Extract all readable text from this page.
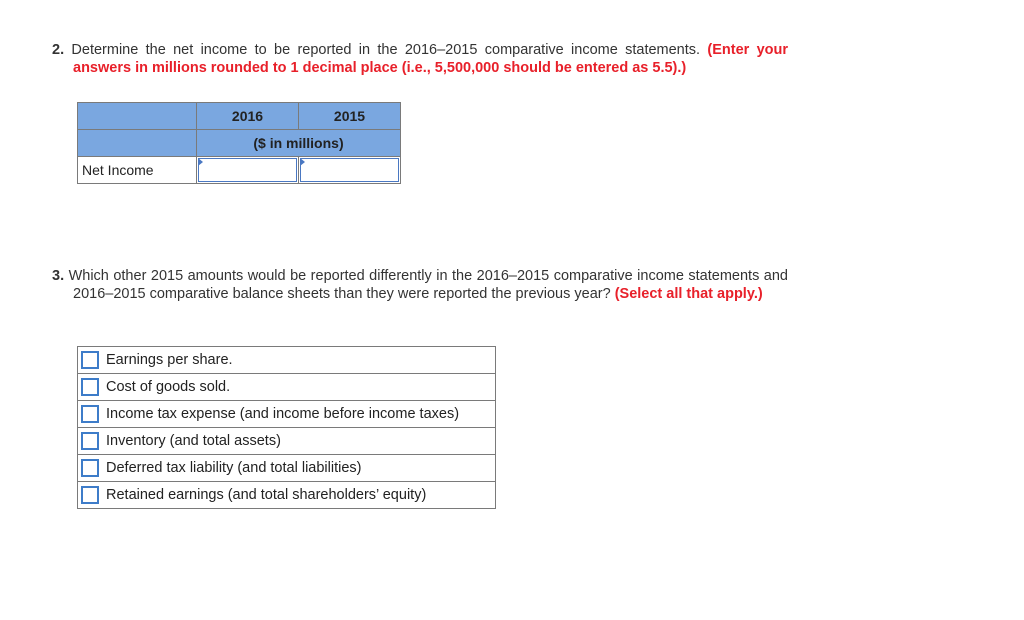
2. Determine the net income to be reported in the 2016–2015 comparative income statements. (Enter your answers in millions rounded to 1 decimal place (i.e., 5,500,000 should be entered as 5.5).)
	2016	2015
	($ in millions)	
Net Income	

3. Which other 2015 amounts would be reported differently in the 2016–2015 comparative income statements and 2016–2015 comparative balance sheets than they were reported the previous year? (Select all that apply.)
Earnings per share.
Cost of goods sold.
Income tax expense (and income before income taxes)
Inventory (and total assets)
Deferred tax liability (and total liabilities)
Retained earnings (and total shareholders’ equity)
